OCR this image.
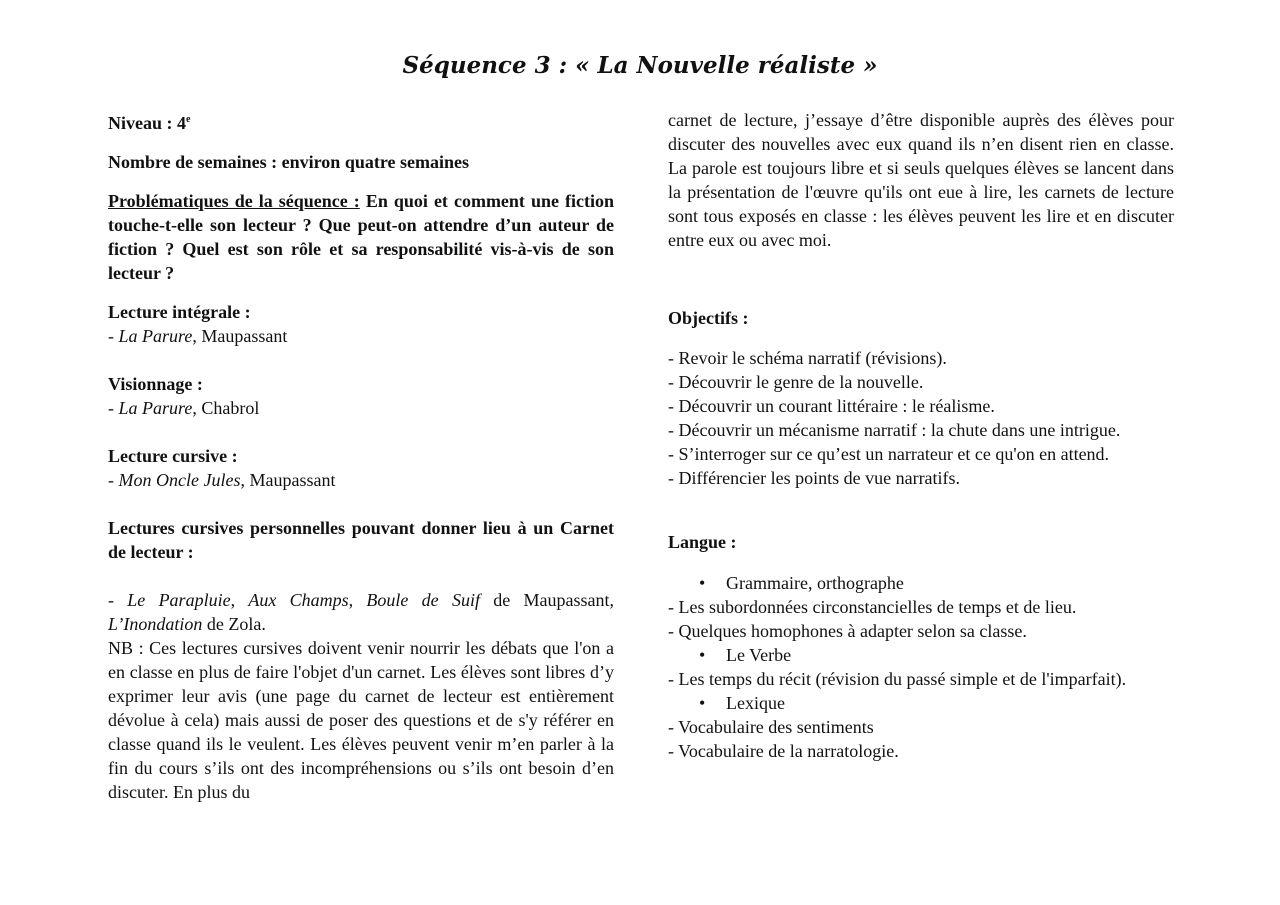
Séquence 3 : « La Nouvelle réaliste »

Niveau : 4e

Nombre de semaines : environ quatre semaines

Problématiques de la séquence : En quoi et comment une fiction touche-t-elle son lecteur ? Que peut-on attendre d’un auteur de fiction ? Quel est son rôle et sa responsabilité vis-à-vis de son lecteur ?

Lecture intégrale :

- La Parure, Maupassant

Visionnage :

- La Parure, Chabrol

Lecture cursive :

- Mon Oncle Jules, Maupassant

Lectures cursives personnelles pouvant donner lieu à un Carnet de lecteur :

- Le Parapluie, Aux Champs, Boule de Suif de Maupassant, L’Inondation de Zola.

NB : Ces lectures cursives doivent venir nourrir les débats que l'on a en classe en plus de faire l'objet d'un carnet. Les élèves sont libres d’y exprimer leur avis (une page du carnet de lecteur est entièrement dévolue à cela) mais aussi de poser des questions et de s'y référer en classe quand ils le veulent. Les élèves peuvent venir m’en parler à la fin du cours s’ils ont des incompréhensions ou s’ils ont besoin d’en discuter. En plus du

carnet de lecture, j’essaye d’être disponible auprès des élèves pour discuter des nouvelles avec eux quand ils n’en disent rien en classe. La parole est toujours libre et si seuls quelques élèves se lancent dans la présentation de l'œuvre qu'ils ont eue à lire, les carnets de lecture sont tous exposés en classe : les élèves peuvent les lire et en discuter entre eux ou avec moi.

Objectifs :

- Revoir le schéma narratif (révisions).

- Découvrir le genre de la nouvelle.

- Découvrir un courant littéraire : le réalisme.

- Découvrir un mécanisme narratif : la chute dans une intrigue.

- S’interroger sur ce qu’est un narrateur et ce qu'on en attend.

- Différencier les points de vue narratifs.

Langue :

• Grammaire, orthographe

- Les subordonnées circonstancielles de temps et de lieu.

- Quelques homophones à adapter selon sa classe.

• Le Verbe

- Les temps du récit (révision du passé simple et de l'imparfait).

• Lexique

- Vocabulaire des sentiments

- Vocabulaire de la narratologie.
